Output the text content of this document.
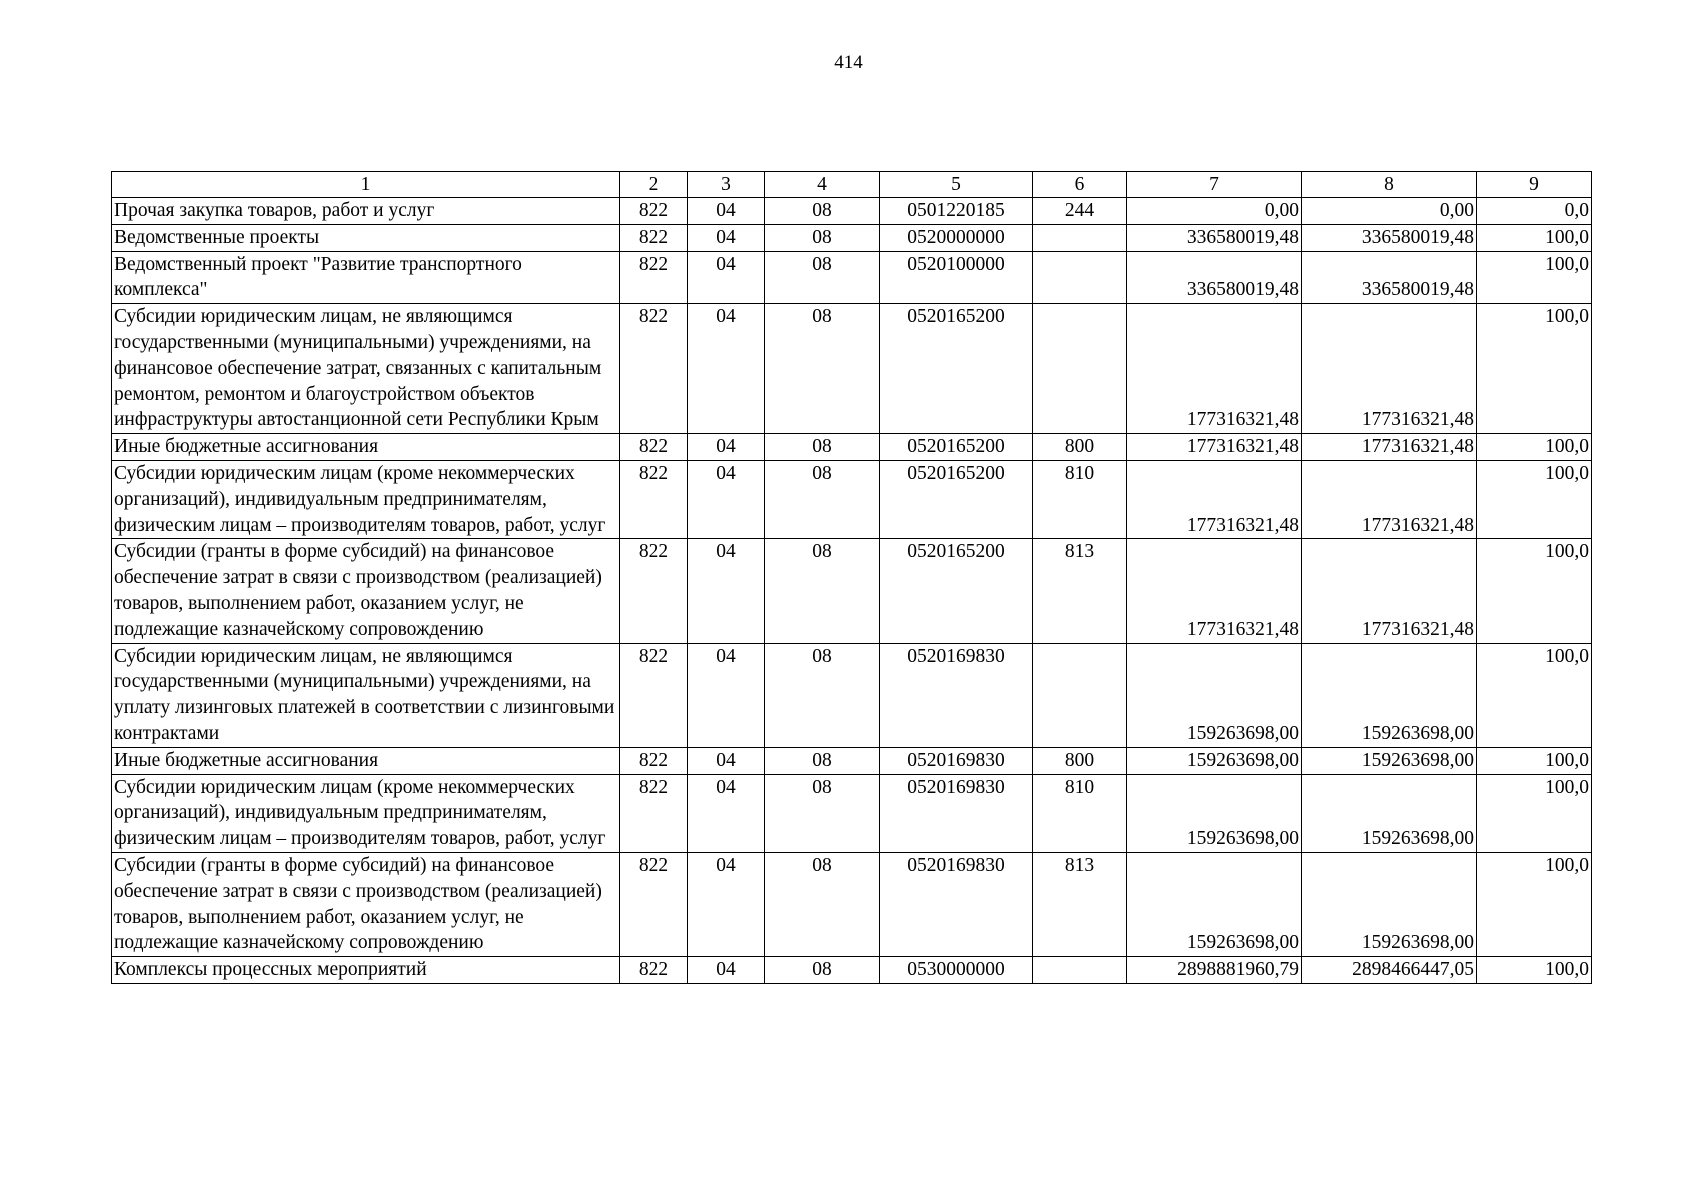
414
1	2	3	4	5	6	7	8	9
Прочая закупка товаров, работ и услуг	822	04	08	0501220185	244	0,00	0,00	0,0
Ведомственные проекты	822	04	08	0520000000		336580019,48	336580019,48	100,0
Ведомственный проект "Развитие транспортного комплекса"	822	04	08	0520100000		336580019,48	336580019,48	100,0
Субсидии юридическим лицам, не являющимся государственными (муниципальными) учреждениями, на финансовое обеспечение затрат, связанных с капитальным ремонтом, ремонтом и благоустройством объектов инфраструктуры автостанционной сети Республики Крым	822	04	08	0520165200		177316321,48	177316321,48	100,0
Иные бюджетные ассигнования	822	04	08	0520165200	800	177316321,48	177316321,48	100,0
Субсидии юридическим лицам (кроме некоммерческих организаций), индивидуальным предпринимателям, физическим лицам – производителям товаров, работ, услуг	822	04	08	0520165200	810	177316321,48	177316321,48	100,0
Субсидии (гранты в форме субсидий) на финансовое обеспечение затрат в связи с производством (реализацией) товаров, выполнением работ, оказанием услуг, не подлежащие казначейскому сопровождению	822	04	08	0520165200	813	177316321,48	177316321,48	100,0
Субсидии юридическим лицам, не являющимся государственными (муниципальными) учреждениями, на уплату лизинговых платежей в соответствии с лизинговыми контрактами	822	04	08	0520169830		159263698,00	159263698,00	100,0
Иные бюджетные ассигнования	822	04	08	0520169830	800	159263698,00	159263698,00	100,0
Субсидии юридическим лицам (кроме некоммерческих организаций), индивидуальным предпринимателям, физическим лицам – производителям товаров, работ, услуг	822	04	08	0520169830	810	159263698,00	159263698,00	100,0
Субсидии (гранты в форме субсидий) на финансовое обеспечение затрат в связи с производством (реализацией) товаров, выполнением работ, оказанием услуг, не подлежащие казначейскому сопровождению	822	04	08	0520169830	813	159263698,00	159263698,00	100,0
Комплексы процессных мероприятий	822	04	08	0530000000		2898881960,79	2898466447,05	100,0
